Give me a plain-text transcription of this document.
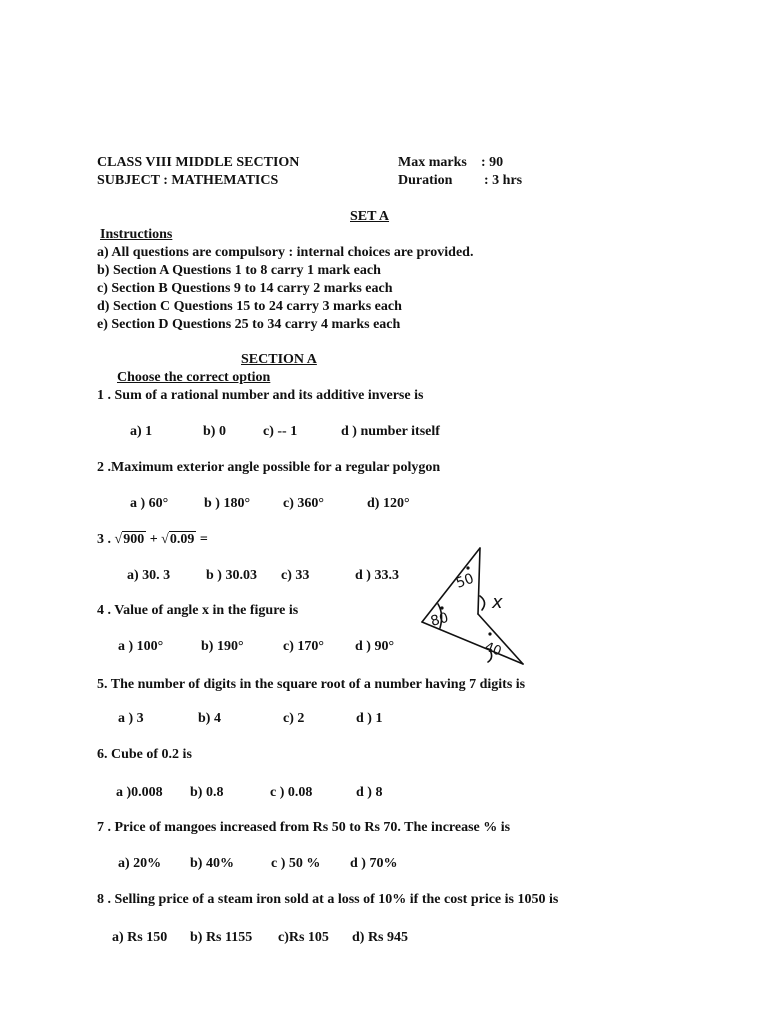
CLASS VIII MIDDLE SECTION
SUBJECT : MATHEMATICS
Max marks : 90
Duration : 3 hrs
SET A
Instructions
a) All questions are compulsory : internal choices are provided.
b) Section A Questions 1 to 8 carry 1 mark each
c) Section B Questions 9 to 14 carry 2 marks each
d) Section C Questions 15 to 24 carry 3 marks each
e) Section D Questions 25 to 34 carry 4 marks each
SECTION A
Choose the correct option
1 . Sum of a rational number and its additive inverse is
a) 1	b) 0	c) -- 1	d ) number itself
2 .Maximum exterior angle possible for a regular polygon
a ) 60°	b ) 180° c) 360°	d) 120°
3 . √900 + √0.09 =
a) 30. 3	b ) 30.03 c) 33	d ) 33.3
4 . Value of angle x in the figure is
a ) 100°	b) 190°	c) 170° d ) 90°
50
80
40
x
5. The number of digits in the square root of a number having 7 digits is
a ) 3	b) 4	c) 2	d ) 1
6. Cube of 0.2 is
a )0.008 b) 0.8	c ) 0.08	d ) 8
7 . Price of mangoes increased from Rs 50 to Rs 70. The increase % is
a) 20% b) 40%	c ) 50 % d ) 70%
8 . Selling price of a steam iron sold at a loss of 10% if the cost price is 1050 is
a) Rs 150 b) Rs 1155 c)Rs 105 d) Rs 945
